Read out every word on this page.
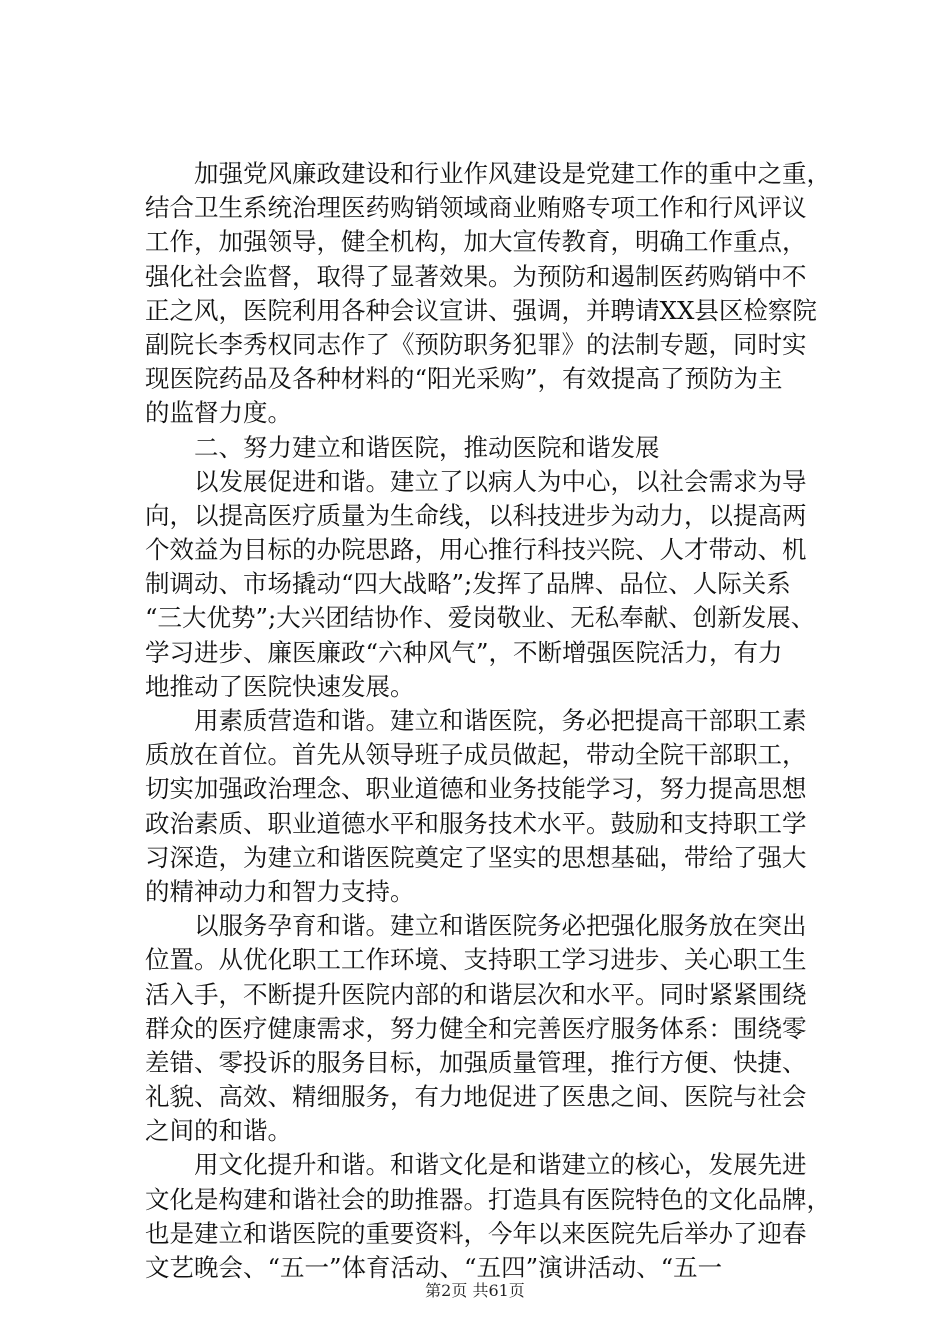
　　加强党风廉政建设和行业作风建设是党建工作的重中之重，
结合卫生系统治理医药购销领域商业贿赂专项工作和行风评议
工作，加强领导，健全机构，加大宣传教育，明确工作重点，
强化社会监督，取得了显著效果。为预防和遏制医药购销中不
正之风，医院利用各种会议宣讲、强调，并聘请XX县区检察院
副院长李秀权同志作了《预防职务犯罪》的法制专题，同时实
现医院药品及各种材料的“阳光采购”，有效提高了预防为主
的监督力度。
　　二、努力建立和谐医院，推动医院和谐发展
　　以发展促进和谐。建立了以病人为中心，以社会需求为导
向，以提高医疗质量为生命线，以科技进步为动力，以提高两
个效益为目标的办院思路，用心推行科技兴院、人才带动、机
制调动、市场撬动“四大战略”;发挥了品牌、品位、人际关系
“三大优势”;大兴团结协作、爱岗敬业、无私奉献、创新发展、
学习进步、廉医廉政“六种风气”，不断增强医院活力，有力
地推动了医院快速发展。
　　用素质营造和谐。建立和谐医院，务必把提高干部职工素
质放在首位。首先从领导班子成员做起，带动全院干部职工，
切实加强政治理念、职业道德和业务技能学习，努力提高思想
政治素质、职业道德水平和服务技术水平。鼓励和支持职工学
习深造，为建立和谐医院奠定了坚实的思想基础，带给了强大
的精神动力和智力支持。
　　以服务孕育和谐。建立和谐医院务必把强化服务放在突出
位置。从优化职工工作环境、支持职工学习进步、关心职工生
活入手，不断提升医院内部的和谐层次和水平。同时紧紧围绕
群众的医疗健康需求，努力健全和完善医疗服务体系：围绕零
差错、零投诉的服务目标，加强质量管理，推行方便、快捷、
礼貌、高效、精细服务，有力地促进了医患之间、医院与社会
之间的和谐。
　　用文化提升和谐。和谐文化是和谐建立的核心，发展先进
文化是构建和谐社会的助推器。打造具有医院特色的文化品牌，
也是建立和谐医院的重要资料，今年以来医院先后举办了迎春
文艺晚会、“五一”体育活动、“五四”演讲活动、“五一
第2页 共61页
